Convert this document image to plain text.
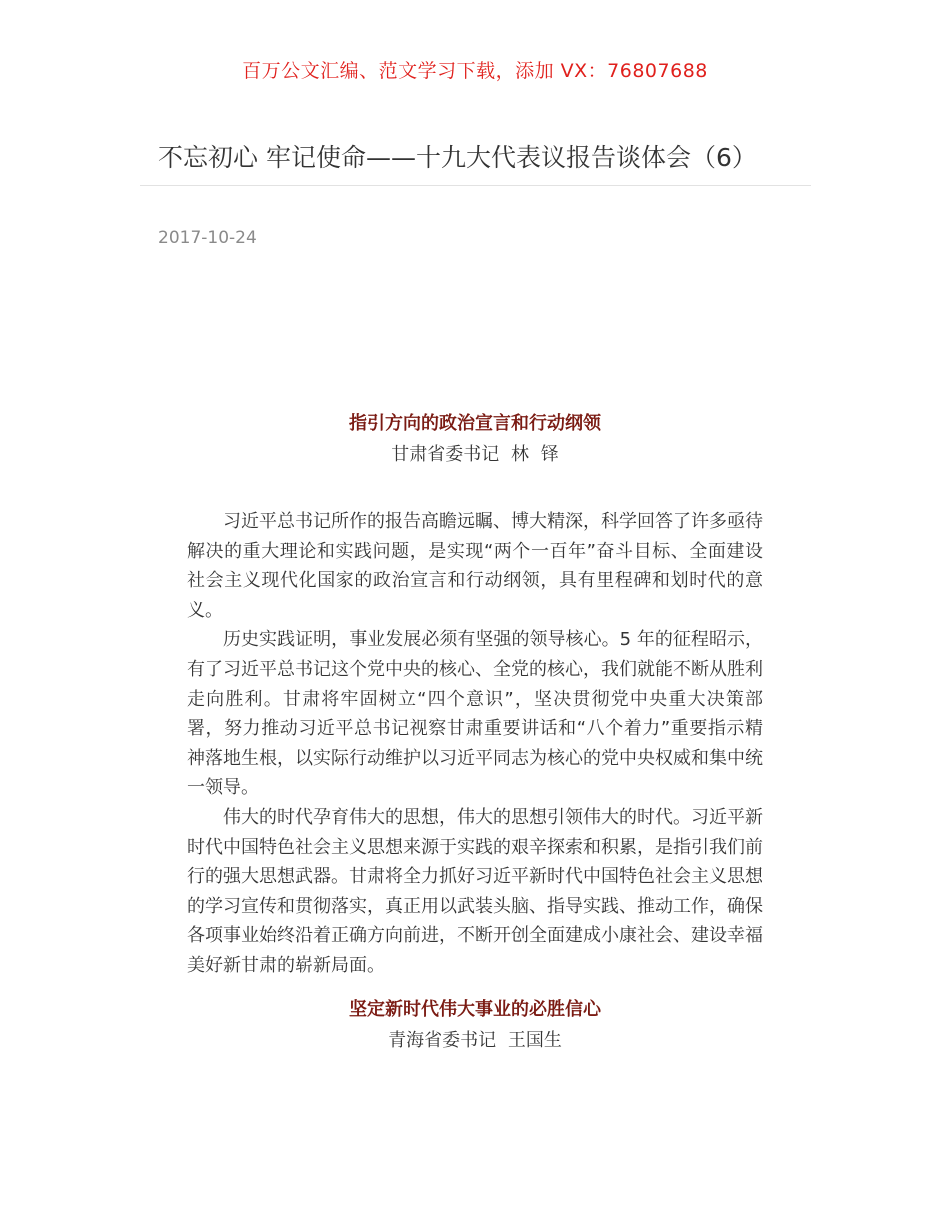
百万公文汇编、范文学习下载，添加 VX：76807688
不忘初心 牢记使命——十九大代表议报告谈体会（6）
2017-10-24

指引方向的政治宣言和行动纲领

甘肃省委书记 林 铎

习近平总书记所作的报告高瞻远瞩、博大精深，科学回答了许多亟待解决的重大理论和实践问题，是实现“两个一百年”奋斗目标、全面建设社会主义现代化国家的政治宣言和行动纲领，具有里程碑和划时代的意义。

历史实践证明，事业发展必须有坚强的领导核心。5 年的征程昭示，有了习近平总书记这个党中央的核心、全党的核心，我们就能不断从胜利走向胜利。甘肃将牢固树立“四个意识”，坚决贯彻党中央重大决策部署，努力推动习近平总书记视察甘肃重要讲话和“八个着力”重要指示精神落地生根，以实际行动维护以习近平同志为核心的党中央权威和集中统一领导。

伟大的时代孕育伟大的思想，伟大的思想引领伟大的时代。习近平新时代中国特色社会主义思想来源于实践的艰辛探索和积累，是指引我们前行的强大思想武器。甘肃将全力抓好习近平新时代中国特色社会主义思想的学习宣传和贯彻落实，真正用以武装头脑、指导实践、推动工作，确保各项事业始终沿着正确方向前进，不断开创全面建成小康社会、建设幸福美好新甘肃的崭新局面。

坚定新时代伟大事业的必胜信心

青海省委书记 王国生
